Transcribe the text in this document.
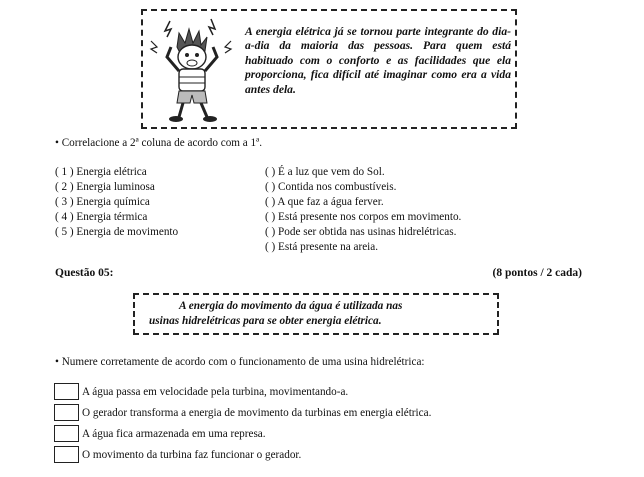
A energia elétrica já se tornou parte integrante do dia-a-dia da maioria das pessoas. Para quem está habituado com o conforto e as facilidades que ela proporciona, fica difícil até imaginar como era a vida antes dela.
• Correlacione a 2ª coluna de acordo com a 1ª.
( 1 ) Energia elétrica
( 2 ) Energia luminosa
( 3 ) Energia química
( 4 ) Energia térmica
( 5 ) Energia de movimento
( ) É a luz que vem do Sol.
( ) Contida nos combustíveis.
( ) A que faz a água ferver.
( ) Está presente nos corpos em movimento.
( ) Pode ser obtida nas usinas hidrelétricas.
( ) Está presente na areia.
Questão 05:	(8 pontos / 2 cada)
A energia do movimento da água é utilizada nas
usinas hidrelétricas para se obter energia elétrica.
• Numere corretamente de acordo com o funcionamento de uma usina hidrelétrica:
A água passa em velocidade pela turbina, movimentando-a.
O gerador transforma a energia de movimento da turbinas em energia elétrica.
A água fica armazenada em uma represa.
O movimento da turbina faz funcionar o gerador.
